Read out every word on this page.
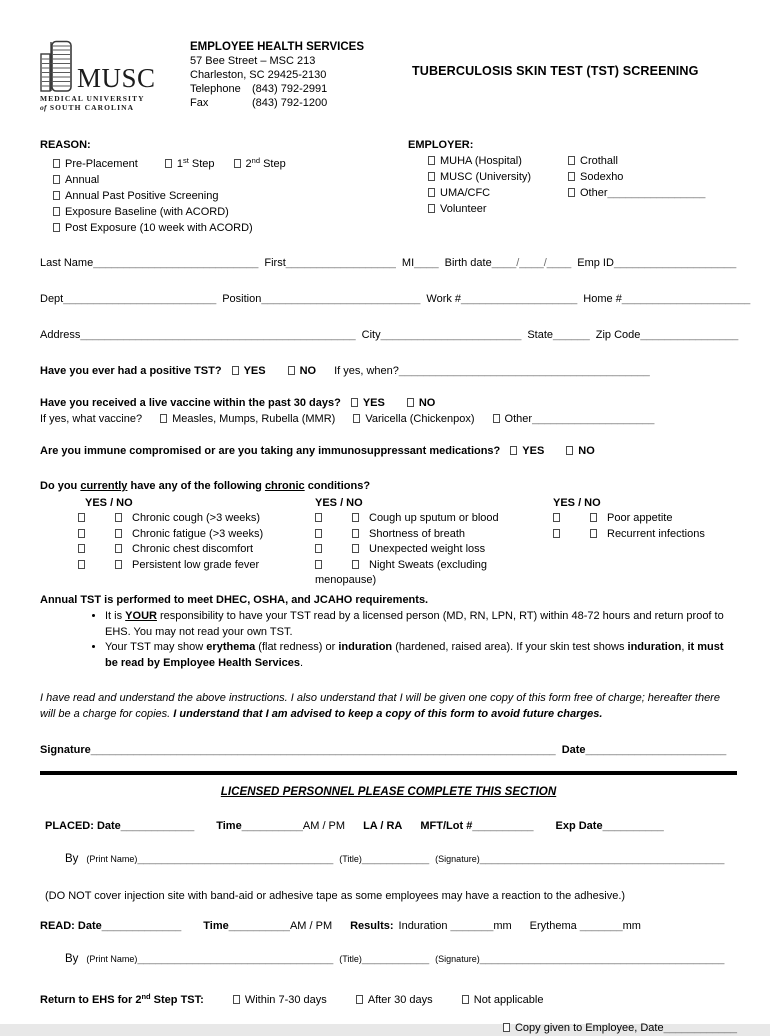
MUSC
MEDICAL UNIVERSITY
of SOUTH CAROLINA
EMPLOYEE HEALTH SERVICES
57 Bee Street – MSC 213
Charleston, SC 29425-2130
Telephone (843) 792-2991
Fax	(843) 792-1200
TUBERCULOSIS SKIN TEST (TST) SCREENING
REASON:
Pre-Placement	1st Step	2nd Step
Annual
Annual Past Positive Screening
Exposure Baseline (with ACORD)
Post Exposure (10 week with ACORD)
EMPLOYER:
MUHA (Hospital)
MUSC (University)
UMA/CFC
Volunteer
Crothall
Sodexho
Other________________
Last Name___________________________ First__________________ MI____ Birth date____/____/____ Emp ID____________________
Dept_________________________ Position__________________________ Work #___________________ Home #_____________________
Address_____________________________________________ City_______________________ State______ Zip Code________________
Have you ever had a positive TST? YES	NO If yes, when?_________________________________________
Have you received a live vaccine within the past 30 days? YES	NO
If yes, what vaccine?	Measles, Mumps, Rubella (MMR)	Varicella (Chickenpox)	Other____________________
Are you immune compromised or are you taking any immunosuppressant medications? YES	NO
Do you currently have any of the following chronic conditions?
YES / NO
Chronic cough (>3 weeks)
Chronic fatigue (>3 weeks)
Chronic chest discomfort
Persistent low grade fever
YES / NO
Cough up sputum or blood
Shortness of breath
Unexpected weight loss
Night Sweats (excluding menopause)
YES / NO
Poor appetite
Recurrent infections
Annual TST is performed to meet DHEC, OSHA, and JCAHO requirements.
• It is YOUR responsibility to have your TST read by a licensed person (MD, RN, LPN, RT) within 48-72 hours and return proof to EHS. You may not read your own TST.
• Your TST may show erythema (flat redness) or induration (hardened, raised area). If your skin test shows induration, it must be read by Employee Health Services.
I have read and understand the above instructions. I also understand that I will be given one copy of this form free of charge; hereafter there will be a charge for copies. I understand that I am advised to keep a copy of this form to avoid future charges.
Signature____________________________________________________________________________ Date_______________________
LICENSED PERSONNEL PLEASE COMPLETE THIS SECTION
PLACED: Date____________ Time__________AM / PM LA / RA MFT/Lot #__________ Exp Date__________
By (Print Name)________________________________ (Title)___________ (Signature)________________________________________
(DO NOT cover injection site with band-aid or adhesive tape as some employees may have a reaction to the adhesive.)
READ: Date_____________ Time__________AM / PM Results: Induration _______mm Erythema _______mm
By (Print Name)________________________________ (Title)___________ (Signature)________________________________________
Return to EHS for 2nd Step TST:	Within 7-30 days	After 30 days	Not applicable
Copy given to Employee, Date____________
